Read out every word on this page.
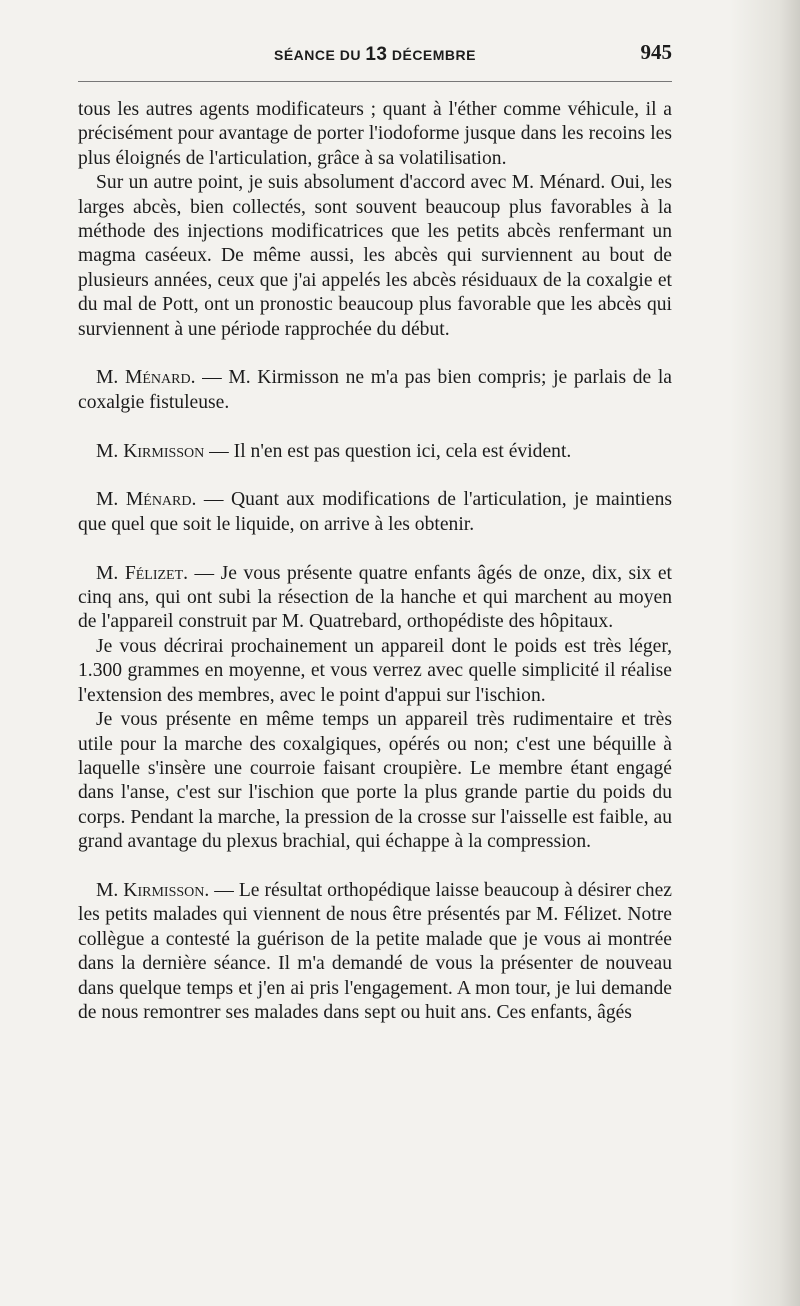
SÉANCE DU 13 DÉCEMBRE	945

tous les autres agents modificateurs ; quant à l'éther comme véhicule, il a précisément pour avantage de porter l'iodoforme jusque dans les recoins les plus éloignés de l'articulation, grâce à sa volatilisation.

Sur un autre point, je suis absolument d'accord avec M. Ménard. Oui, les larges abcès, bien collectés, sont souvent beaucoup plus favorables à la méthode des injections modificatrices que les petits abcès renfermant un magma caséeux. De même aussi, les abcès qui surviennent au bout de plusieurs années, ceux que j'ai appelés les abcès résiduaux de la coxalgie et du mal de Pott, ont un pronostic beaucoup plus favorable que les abcès qui surviennent à une période rapprochée du début.

M. Ménard. — M. Kirmisson ne m'a pas bien compris; je parlais de la coxalgie fistuleuse.

M. Kirmisson — Il n'en est pas question ici, cela est évident.

M. Ménard. — Quant aux modifications de l'articulation, je maintiens que quel que soit le liquide, on arrive à les obtenir.

M. Félizet. — Je vous présente quatre enfants âgés de onze, dix, six et cinq ans, qui ont subi la résection de la hanche et qui marchent au moyen de l'appareil construit par M. Quatrebard, orthopédiste des hôpitaux.

Je vous décrirai prochainement un appareil dont le poids est très léger, 1.300 grammes en moyenne, et vous verrez avec quelle simplicité il réalise l'extension des membres, avec le point d'appui sur l'ischion.

Je vous présente en même temps un appareil très rudimentaire et très utile pour la marche des coxalgiques, opérés ou non; c'est une béquille à laquelle s'insère une courroie faisant croupière. Le membre étant engagé dans l'anse, c'est sur l'ischion que porte la plus grande partie du poids du corps. Pendant la marche, la pression de la crosse sur l'aisselle est faible, au grand avantage du plexus brachial, qui échappe à la compression.

M. Kirmisson. — Le résultat orthopédique laisse beaucoup à désirer chez les petits malades qui viennent de nous être présentés par M. Félizet. Notre collègue a contesté la guérison de la petite malade que je vous ai montrée dans la dernière séance. Il m'a demandé de vous la présenter de nouveau dans quelque temps et j'en ai pris l'engagement. A mon tour, je lui demande de nous remontrer ses malades dans sept ou huit ans. Ces enfants, âgés
